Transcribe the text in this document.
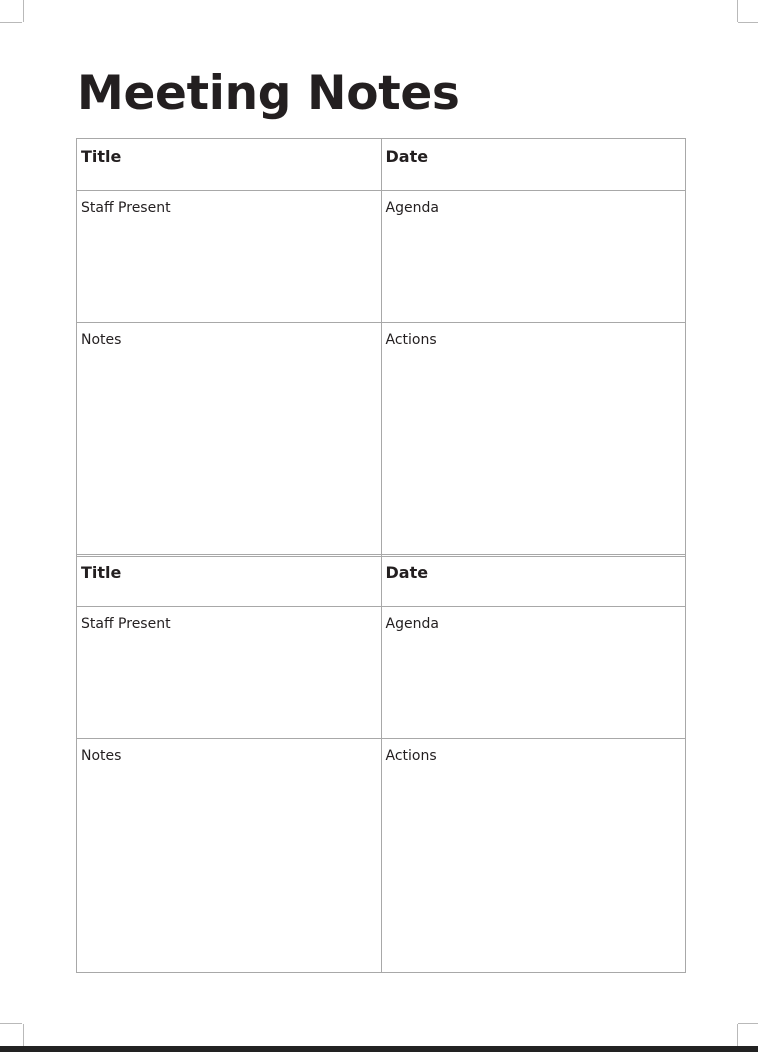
Meeting Notes
Title	Date

Staff Present	Agenda

Notes	Actions
Title	Date

Staff Present	Agenda

Notes	Actions
